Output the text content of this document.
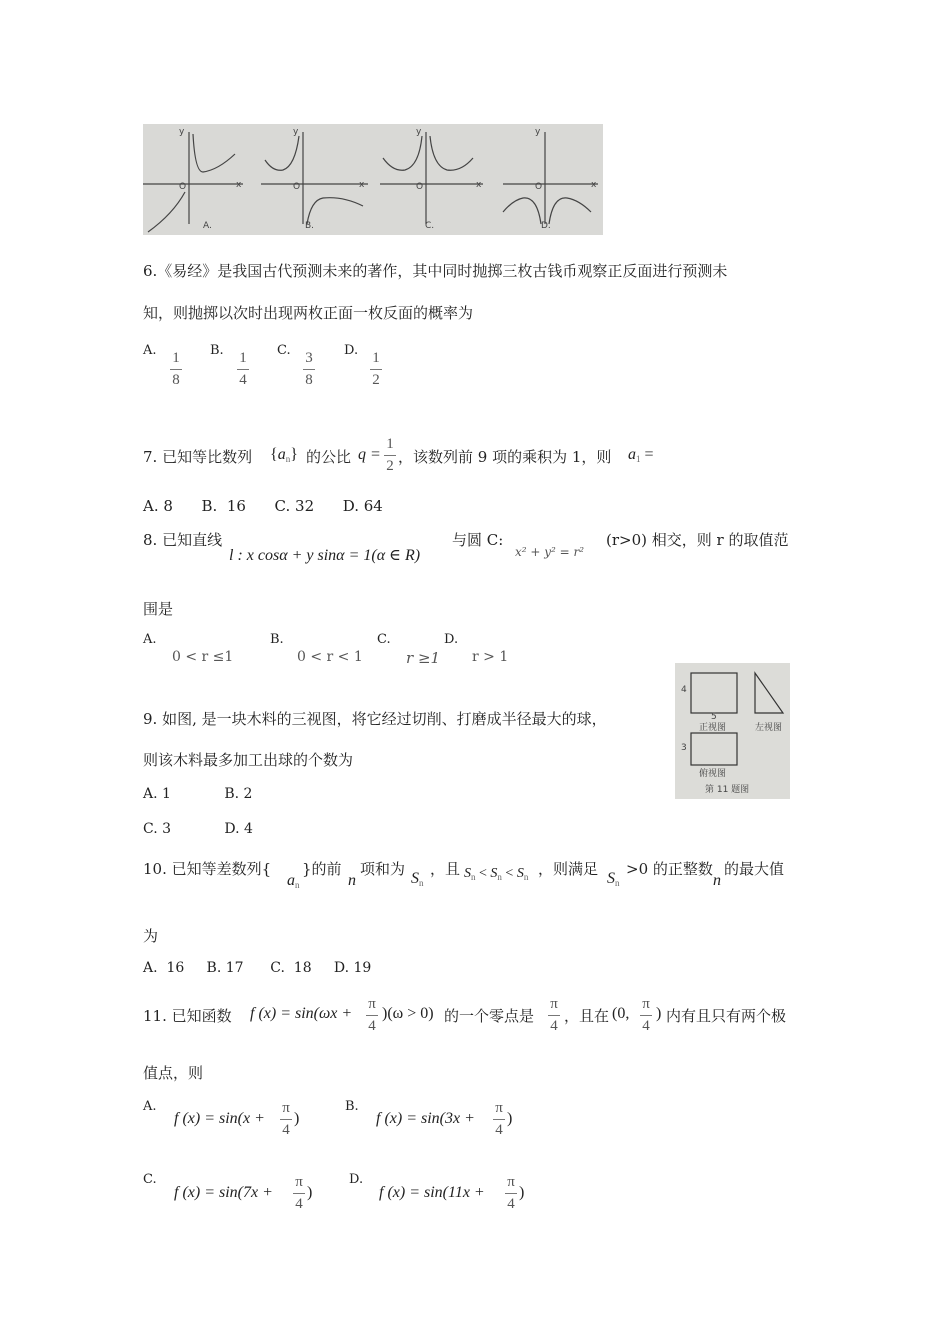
y
O	x
A.
y
O	x
B.
y
O	x
C.
y
O	x
D.
6.《易经》是我国古代预测未来的著作，其中同时抛掷三枚古钱币观察正反面进行预测未
知，则抛掷以次时出现两枚正面一枚反面的概率为
A. 1
8
B. 1
4
C. 3
8
D. 1
2
7. 已知等比数列 $\{a_n\}$ 的公比 q =
1
2 ，该数列前 9 项的乘积为 1，则 $a_1$ =
A. 8      B.  16      C. 32      D. 64
8. 已知直线
l : x cosα + y sinα = 1(α ∈ R)
与圆 C:
x² + y² = r²
(r>0) 相交，则 r 的取值范
围是
A.
0 < r ≤1
B.
0 < r < 1
C.
r ≥1
D.
r > 1
9. 如图, 是一块木料的三视图，将它经过切削、打磨成半径最大的球，
则该木料最多加工出球的个数为
A. 1            B. 2
C. 3            D. 4
4
5
正视图	左视图
3
俯视图
第 11 题图
10. 已知等差数列{
$a_n$
}的前
n
项和为
$S_n$
，且 $S_n < S_n < S_n$ ，则满足
$S_n$
>0 的正整数
n
的最大值
为
A.  16     B. 17      C.  18     D. 19
11. 已知函数 f (x) = sin(ωx +
π
4
)(ω > 0) 的一个零点是
π
4
，且在 (0,
π
4
) 内有且只有两个极
值点，则
A.
f (x) = sin(x +
π
4
)
B.
f (x) = sin(3x +
π
4
)
C.
f (x) = sin(7x +
π
4
)
D.
f (x) = sin(11x +
π
4
)
